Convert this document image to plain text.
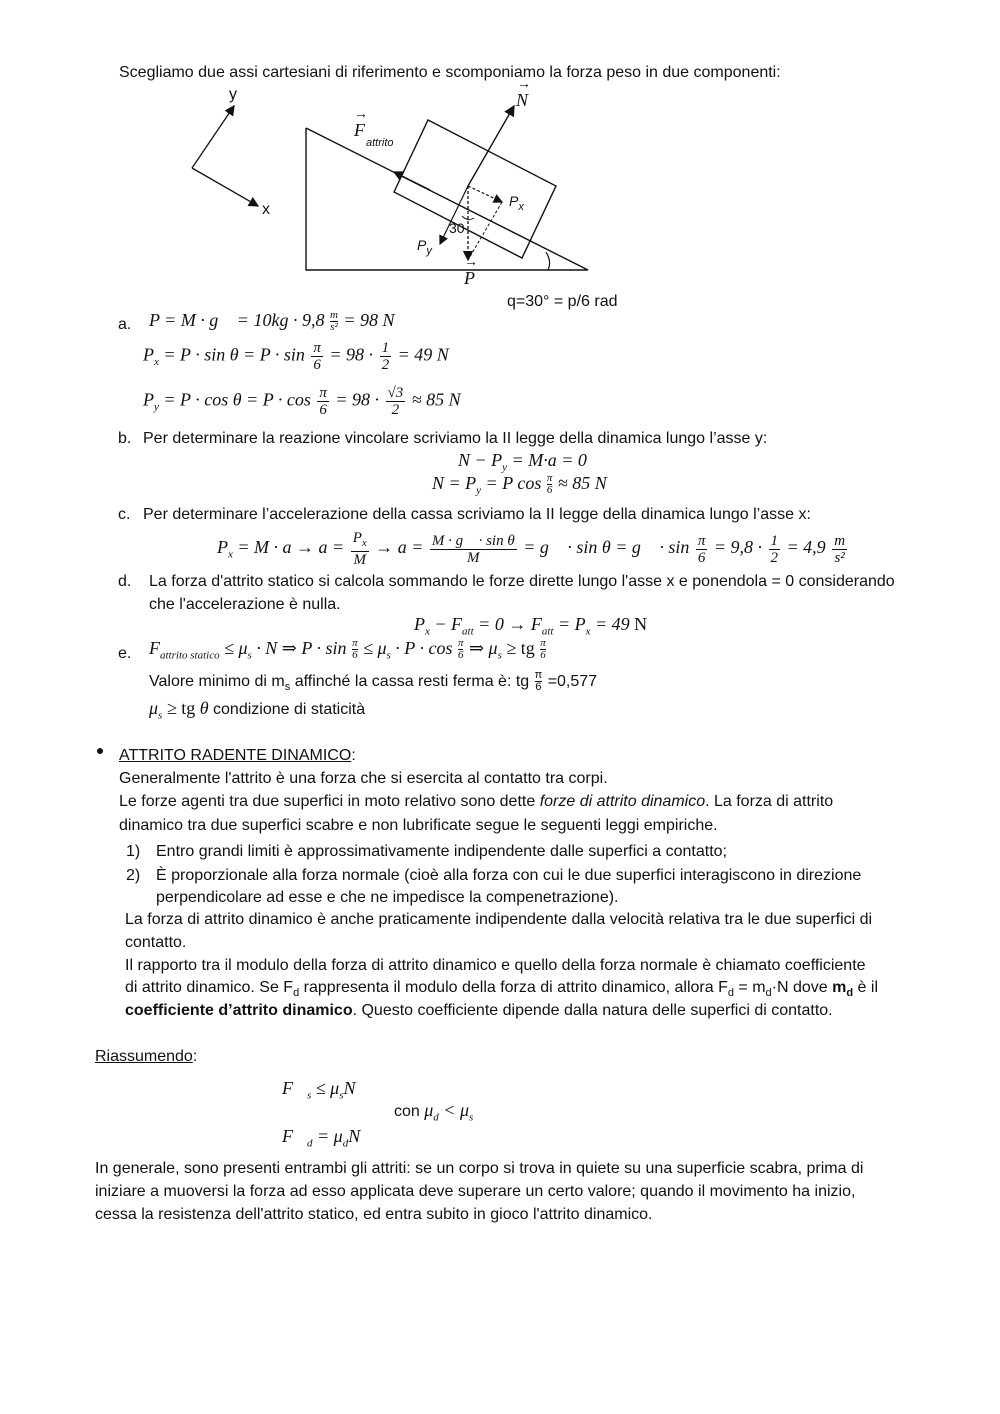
Scegliamo due assi cartesiani di riferimento e scomponiamo la forza peso in due componenti:
y
x
→
N
→
F
attrito
$P_x$
30
$P_y$
→
P
q=30° = p/6 rad
a. P = M · g⃗ = $10kg \cdot 9,8 \frac{m}{\text{s²}} = 98$ N
$P_x = P \cdot \sin \theta = P \cdot \sin \frac{\pi}{6} = 98 \cdot \frac{1}{2} = 49$ N
$P_y = P \cdot \cos \theta = P \cdot \cos \frac{\pi}{6} = 98 \cdot \frac{√3}{2} \approx 85$ N
b. Per determinare la reazione vincolare scriviamo la II legge della dinamica lungo l’asse y:
$N - P_y = M\cdot a = 0$
$N = P_y = P$ $\cos \frac{\pi}{6} \approx 85$ N
c. Per determinare l’accelerazione della cassa scriviamo la II legge della dinamica lungo l’asse x:
$P_x = M \cdot a \to a = \frac{P_x}{M} \to a = \frac{\text{M · g⃗ · sin θ}}{M}$ = g⃗ · sin θ = g⃗ · $\sin \frac{\pi}{6} = 9,8 \cdot \frac{1}{2} = 4,9 \frac{m}{\text{s²}}$
d. La forza d'attrito statico si calcola sommando le forze dirette lungo l'asse x e ponendola = 0 considerando
che l'accelerazione è nulla.
$P_x - F_{att} = 0 \to F_{att} = P_x = 49$ N
e. $F_{attrito statico} \le \mu_s \cdot N$ ⇒ $P \cdot \sin \frac{\pi}{6} \le \mu_s \cdot P \cdot \cos \frac{\pi}{6}$ ⇒ $\mu_s$ ≥ tg $\frac{\pi}{6}$
Valore minimo di $m_s$ affinché la cassa resti ferma è: tg $\frac{\pi}{6} =0,577$
$\mu_s$ ≥ tg θ condizione di staticità
ATTRITO RADENTE DINAMICO:
Generalmente l'attrito è una forza che si esercita al contatto tra corpi.
Le forze agenti tra due superfici in moto relativo sono dette forze di attrito dinamico. La forza di attrito
dinamico tra due superfici scabre e non lubrificate segue le seguenti leggi empiriche.
1) Entro grandi limiti è approssimativamente indipendente dalle superfici a contatto;
2) È proporzionale alla forza normale (cioè alla forza con cui le due superfici interagiscono in direzione
perpendicolare ad esse e che ne impedisce la compenetrazione).
La forza di attrito dinamico è anche praticamente indipendente dalla velocità relativa tra le due superfici di
contatto.
Il rapporto tra il modulo della forza di attrito dinamico e quello della forza normale è chiamato coefficiente
di attrito dinamico. Se $F_d$ rappresenta il modulo della forza di attrito dinamico, allora $F_d = m_d\cdot N$ dove $m_d$ è il
coefficiente d’attrito dinamico. Questo coefficiente dipende dalla natura delle superfici di contatto.
Riassumendo:
$F⃗_s$ ≤ $\mu_sN⃗$
con $\mu_d < \mu_s$
$F⃗_d$ = $\mu_dN⃗$
In generale, sono presenti entrambi gli attriti: se un corpo si trova in quiete su una superficie scabra, prima di
iniziare a muoversi la forza ad esso applicata deve superare un certo valore; quando il movimento ha inizio,
cessa la resistenza dell'attrito statico, ed entra subito in gioco l'attrito dinamico.
